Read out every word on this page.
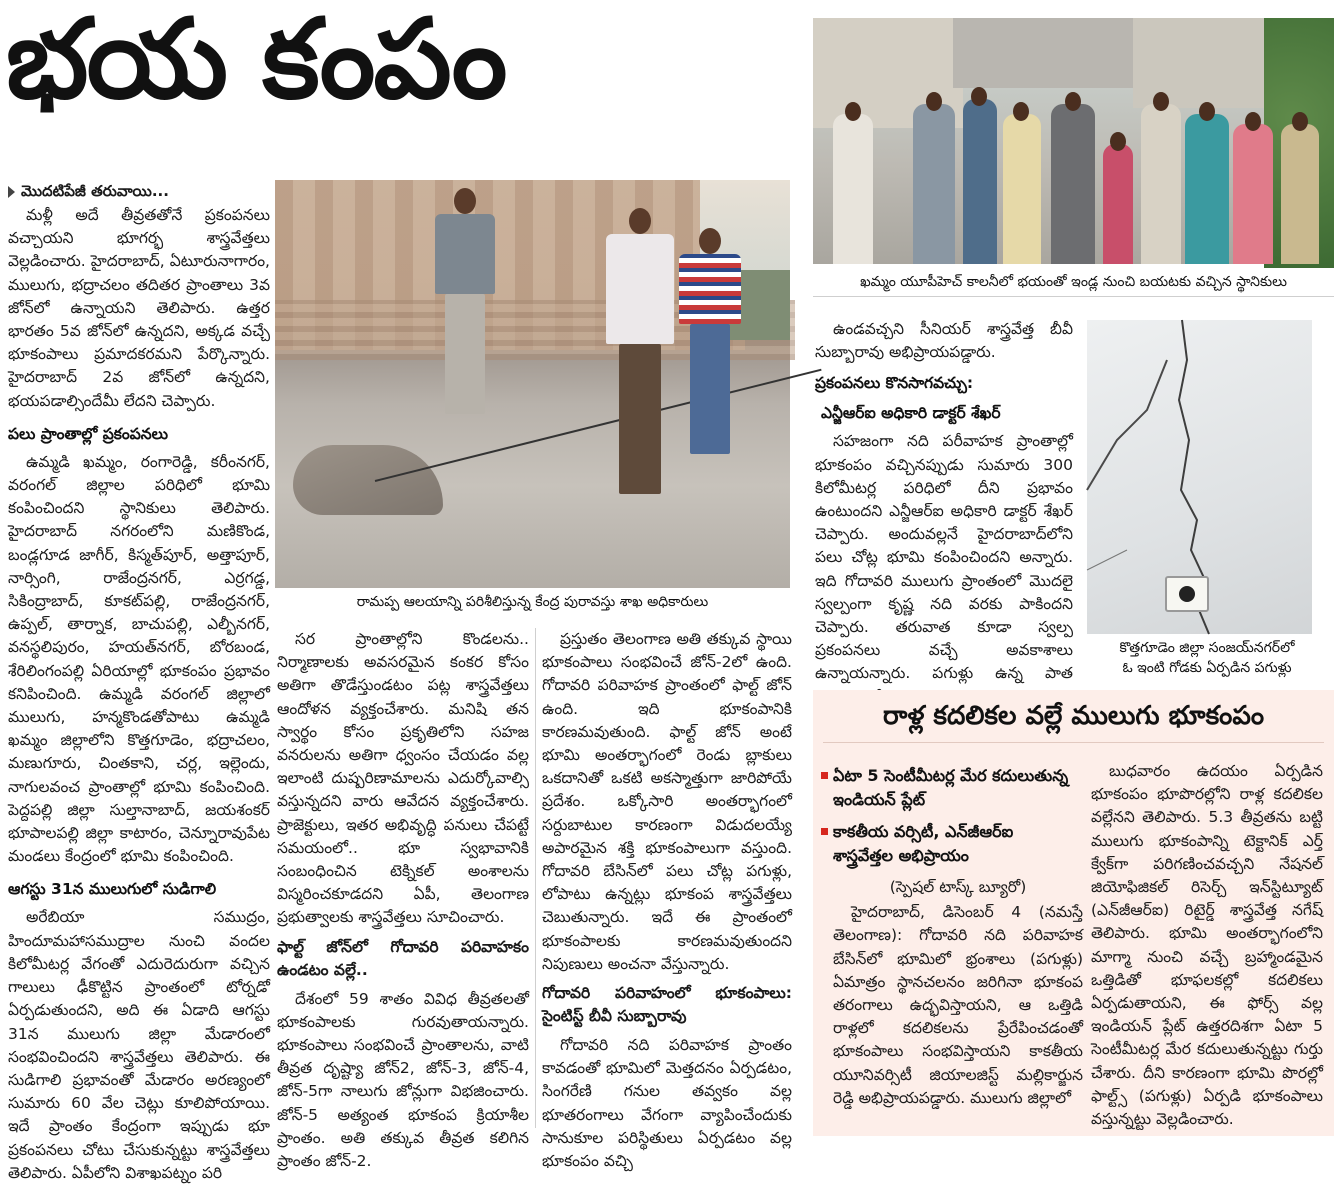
భయ కంపం
మొదటిపేజీ తరువాయి...

మళ్లీ అదే తీవ్రతతోనే ప్రకంపనలు వచ్చాయని భూగర్భ శాస్త్రవేత్తలు వెల్లడించారు. హైదరాబాద్, ఏటూరునాగారం, ములుగు, భద్రాచలం తదితర ప్రాంతాలు 3వ జోన్‌లో ఉన్నాయని తెలిపారు. ఉత్తర భారతం 5వ జోన్‌లో ఉన్నదని, అక్కడ వచ్చే భూకంపాలు ప్రమాదకరమని పేర్కొన్నారు. హైదరాబాద్ 2వ జోన్‌లో ఉన్నదని, భయపడాల్సిందేమీ లేదని చెప్పారు.

పలు ప్రాంతాల్లో ప్రకంపనలు

ఉమ్మడి ఖమ్మం, రంగారెడ్డి, కరీంనగర్, వరంగల్ జిల్లాల పరిధిలో భూమి కంపించిందని స్థానికులు తెలిపారు. హైదరాబాద్ నగరంలోని మణికొండ, బండ్లగూడ జాగీర్, కిస్మత్‌పూర్, అత్తాపూర్, నార్సింగి, రాజేంద్రనగర్, ఎర్రగడ్డ, సికింద్రాబాద్, కూకట్‌పల్లి, రాజేంద్రనగర్, ఉప్పల్, తార్నాక, బాచుపల్లి, ఎల్బీనగర్, వనస్థలిపురం, హయత్‌నగర్, బోరబండ, శేరిలింగంపల్లి ఏరియాల్లో భూకంపం ప్రభావం కనిపించింది. ఉమ్మడి వరంగల్ జిల్లాలో ములుగు, హన్మకొండతోపాటు ఉమ్మడి ఖమ్మం జిల్లాలోని కొత్తగూడెం, భద్రాచలం, మణుగూరు, చింతకాని, చర్ల, ఇల్లెందు, నాగులవంచ ప్రాంతాల్లో భూమి కంపించింది. పెద్దపల్లి జిల్లా సుల్తానాబాద్, జయశంకర్ భూపాలపల్లి జిల్లా కాటారం, చెన్నూరావుపేట మండలు కేంద్రంలో భూమి కంపించింది.

ఆగస్టు 31న ములుగులో సుడిగాలి

అరేబియా సముద్రం, హిందూమహాసముద్రాల నుంచి వందల కిలోమీటర్ల వేగంతో ఎదురెదురుగా వచ్చిన గాలులు ఢీకొట్టిన ప్రాంతంలో టోర్నడో ఏర్పడుతుందని, అది ఈ ఏడాది ఆగస్టు 31న ములుగు జిల్లా మేడారంలో సంభవించిందని శాస్త్రవేత్తలు తెలిపారు. ఈ సుడిగాలి ప్రభావంతో మేడారం అరణ్యంలో సుమారు 60 వేల చెట్లు కూలిపోయాయి. ఇదే ప్రాంతం కేంద్రంగా ఇప్పుడు భూ ప్రకంపనలు చోటు చేసుకున్నట్టు శాస్త్రవేత్తలు తెలిపారు. ఏపీలోని విశాఖపట్నం పరి

రామప్ప ఆలయాన్ని పరిశీలిస్తున్న కేంద్ర పురావస్తు శాఖ అధికారులు

సర ప్రాంతాల్లోని కొండలను.. నిర్మాణాలకు అవసరమైన కంకర కోసం అతిగా తొడేస్తుండటం పట్ల శాస్త్రవేత్తలు ఆందోళన వ్యక్తంచేశారు. మనిషి తన స్వార్థం కోసం ప్రకృతిలోని సహజ వనరులను అతిగా ధ్వంసం చేయడం వల్ల ఇలాంటి దుష్పరిణామాలను ఎదుర్కోవాల్సి వస్తున్నదని వారు ఆవేదన వ్యక్తంచేశారు. ప్రాజెక్టులు, ఇతర అభివృద్ధి పనులు చేపట్టే సమయంలో.. భూ స్వభావానికి సంబంధించిన టెక్నికల్ అంశాలను విస్మరించకూడదని ఏపీ, తెలంగాణ ప్రభుత్వాలకు శాస్త్రవేత్తలు సూచించారు.

ఫాల్ట్ జోన్‌లో గోదావరి పరివాహకం ఉండటం వల్లే..

దేశంలో 59 శాతం వివిధ తీవ్రతలతో భూకంపాలకు గురవుతాయన్నారు. భూకంపాలు సంభవించే ప్రాంతాలను, వాటి తీవ్రత దృష్ట్యా జోన్2, జోన్-3, జోన్-4, జోన్-5గా నాలుగు జోన్లుగా విభజించారు. జోన్-5 అత్యంత భూకంప క్రియాశీల ప్రాంతం. అతి తక్కువ తీవ్రత కలిగిన ప్రాంతం జోన్-2.

ప్రస్తుతం తెలంగాణ అతి తక్కువ స్థాయి భూకంపాలు సంభవించే జోన్-2లో ఉంది. గోదావరి పరివాహక ప్రాంతంలో ఫాల్ట్ జోన్ ఉంది. ఇది భూకంపానికి కారణమవుతుంది. ఫాల్ట్ జోన్ అంటే భూమి అంతర్భాగంలో రెండు బ్లాకులు ఒకదానితో ఒకటి అకస్మాత్తుగా జారిపోయే ప్రదేశం. ఒక్కోసారి అంతర్భాగంలో సర్దుబాటుల కారణంగా విడుదలయ్యే అపారమైన శక్తి భూకంపాలుగా వస్తుంది. గోదావరి బేసిన్‌లో పలు చోట్ల పగుళ్లు, లోపాటు ఉన్నట్లు భూకంప శాస్త్రవేత్తలు చెబుతున్నారు. ఇదే ఈ ప్రాంతంలో భూకంపాలకు కారణమవుతుందని నిపుణులు అంచనా వేస్తున్నారు.

గోదావరి పరివాహంలో భూకంపాలు: సైంటిస్ట్ బీవీ సుబ్బారావు

గోదావరి నది పరివాహక ప్రాంతం కావడంతో భూమిలో మెత్తదనం ఏర్పడటం, సింగరేణి గనుల తవ్వకం వల్ల భూతరంగాలు వేగంగా వ్యాపించేందుకు సానుకూల పరిస్థితులు ఏర్పడటం వల్ల భూకంపం వచ్చి

ఖమ్మం యూపీహెచ్ కాలనీలో భయంతో ఇండ్ల నుంచి బయటకు వచ్చిన స్థానికులు

ఉండవచ్చని సీనియర్ శాస్త్రవేత్త బీవీ సుబ్బారావు అభిప్రాయపడ్డారు.

ప్రకంపనలు కొనసాగవచ్చు:
ఎన్జీఆర్‌ఐ అధికారి డాక్టర్ శేఖర్

సహజంగా నది పరీవాహక ప్రాంతాల్లో భూకంపం వచ్చినప్పుడు సుమారు 300 కిలోమీటర్ల పరిధిలో దీని ప్రభావం ఉంటుందని ఎన్జీఆర్‌ఐ అధికారి డాక్టర్ శేఖర్ చెప్పారు. అందువల్లనే హైదరాబాద్‌లోని పలు చోట్ల భూమి కంపించిందని అన్నారు. ఇది గోదావరి ములుగు ప్రాంతంలో మొదలై స్వల్పంగా కృష్ణ నది వరకు పాకిందని చెప్పారు. తరువాత కూడా స్వల్ప ప్రకంపనలు వచ్చే అవకాశాలు ఉన్నాయన్నారు. పగుళ్లు ఉన్న పాత

కొత్తగూడెం జిల్లా సంజయ్‌నగర్‌లో
ఓ ఇంటి గోడకు ఏర్పడిన పగుళ్లు
రాళ్ల కదలికల వల్లే ములుగు భూకంపం
ఏటా 5 సెంటీమీటర్ల మేర కదులుతున్న ఇండియన్ ప్లేట్
కాకతీయ వర్సిటీ, ఎన్‌జీఆర్‌ఐ శాస్త్రవేత్తల అభిప్రాయం
(స్పెషల్ టాస్క్ బ్యూరో)

హైదరాబాద్, డిసెంబర్ 4 (నమస్తే తెలంగాణ): గోదావరి నది పరివాహక బేసిన్‌లో భూమిలో భ్రంశాలు (పగుళ్లు) ఏమాత్రం స్థానచలనం జరిగినా భూకంప తరంగాలు ఉద్భవిస్తాయని, ఆ ఒత్తిడి రాళ్లలో కదలికలను ప్రేరేపించడంతో భూకంపాలు సంభవిస్తాయని కాకతీయ యూనివర్సిటీ జియాలజిస్ట్ మల్లికార్జున రెడ్డి అభిప్రాయపడ్డారు. ములుగు జిల్లాలో

బుధవారం ఉదయం ఏర్పడిన భూకంపం భూపొరల్లోని రాళ్ల కదలికల వల్లేనని తెలిపారు. 5.3 తీవ్రతను బట్టి ములుగు భూకంపాన్ని టెక్టానిక్ ఎర్త్ క్వేక్‌గా పరిగణించవచ్చని నేషనల్ జియోఫిజికల్ రిసెర్చ్ ఇన్‌స్టిట్యూట్ (ఎన్‌జీఆర్‌ఐ) రిటైర్డ్ శాస్త్రవేత్త నగేష్ తెలిపారు. భూమి అంతర్భాగంలోని మాగ్మా నుంచి వచ్చే బ్రహ్మాండమైన ఒత్తిడితో భూఫలకల్లో కదలికలు ఏర్పడుతాయని, ఈ ఫోర్స్ వల్ల ఇండియన్ ప్లేట్ ఉత్తరదిశగా ఏటా 5 సెంటీమీటర్ల మేర కదులుతున్నట్టు గుర్తు చేశారు. దీని కారణంగా భూమి పొరల్లో ఫాల్ట్స్ (పగుళ్లు) ఏర్పడి భూకంపాలు వస్తున్నట్టు వెల్లడించారు.
